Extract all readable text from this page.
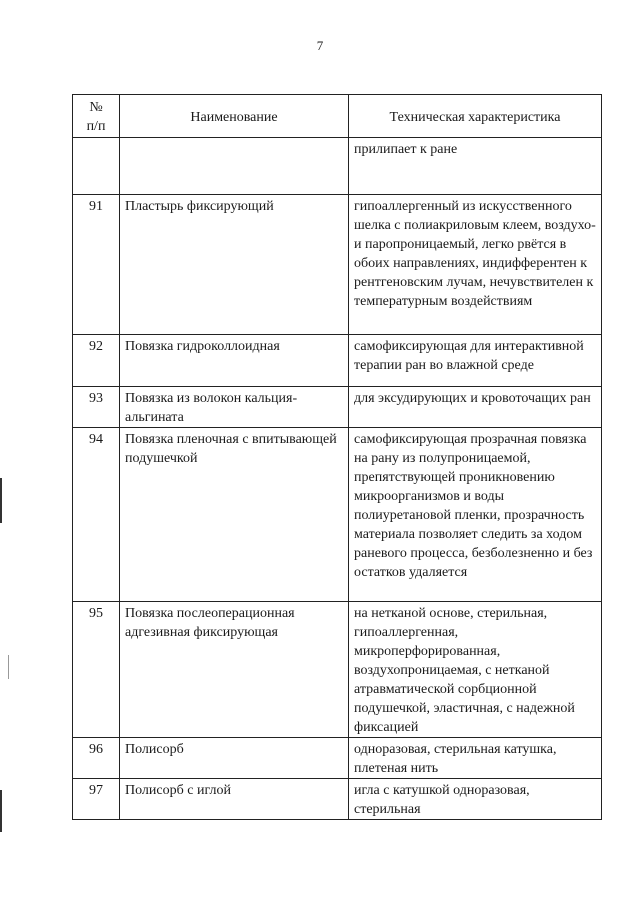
7
№
п/п	Наименование	Техническая характеристика
		прилипает к ране
91	Пластырь фиксирующий	гипоаллергенный из искусственного шелка с полиакриловым клеем, воздухо- и паропроницаемый, легко рвётся в обоих направлениях, индифферентен к рентгеновским лучам, нечувствителен к температурным воздействиям
92	Повязка гидроколлоидная	самофиксирующая для интерактивной терапии ран во влажной среде
93	Повязка из волокон кальция-альгината	для эксудирующих и кровоточащих ран
94	Повязка пленочная с впитывающей подушечкой	самофиксирующая прозрачная повязка на рану из полупроницаемой, препятствующей проникновению микроорганизмов и воды полиуретановой пленки, прозрачность материала позволяет следить за ходом раневого процесса, безболезненно и без остатков удаляется
95	Повязка послеоперационная адгезивная фиксирующая	на нетканой основе, стерильная, гипоаллергенная, микроперфорированная, воздухопроницаемая, с нетканой атравматической сорбционной подушечкой, эластичная, с надежной фиксацией
96	Полисорб	одноразовая, стерильная катушка, плетеная нить
97	Полисорб с иглой	игла с катушкой одноразовая, стерильная
